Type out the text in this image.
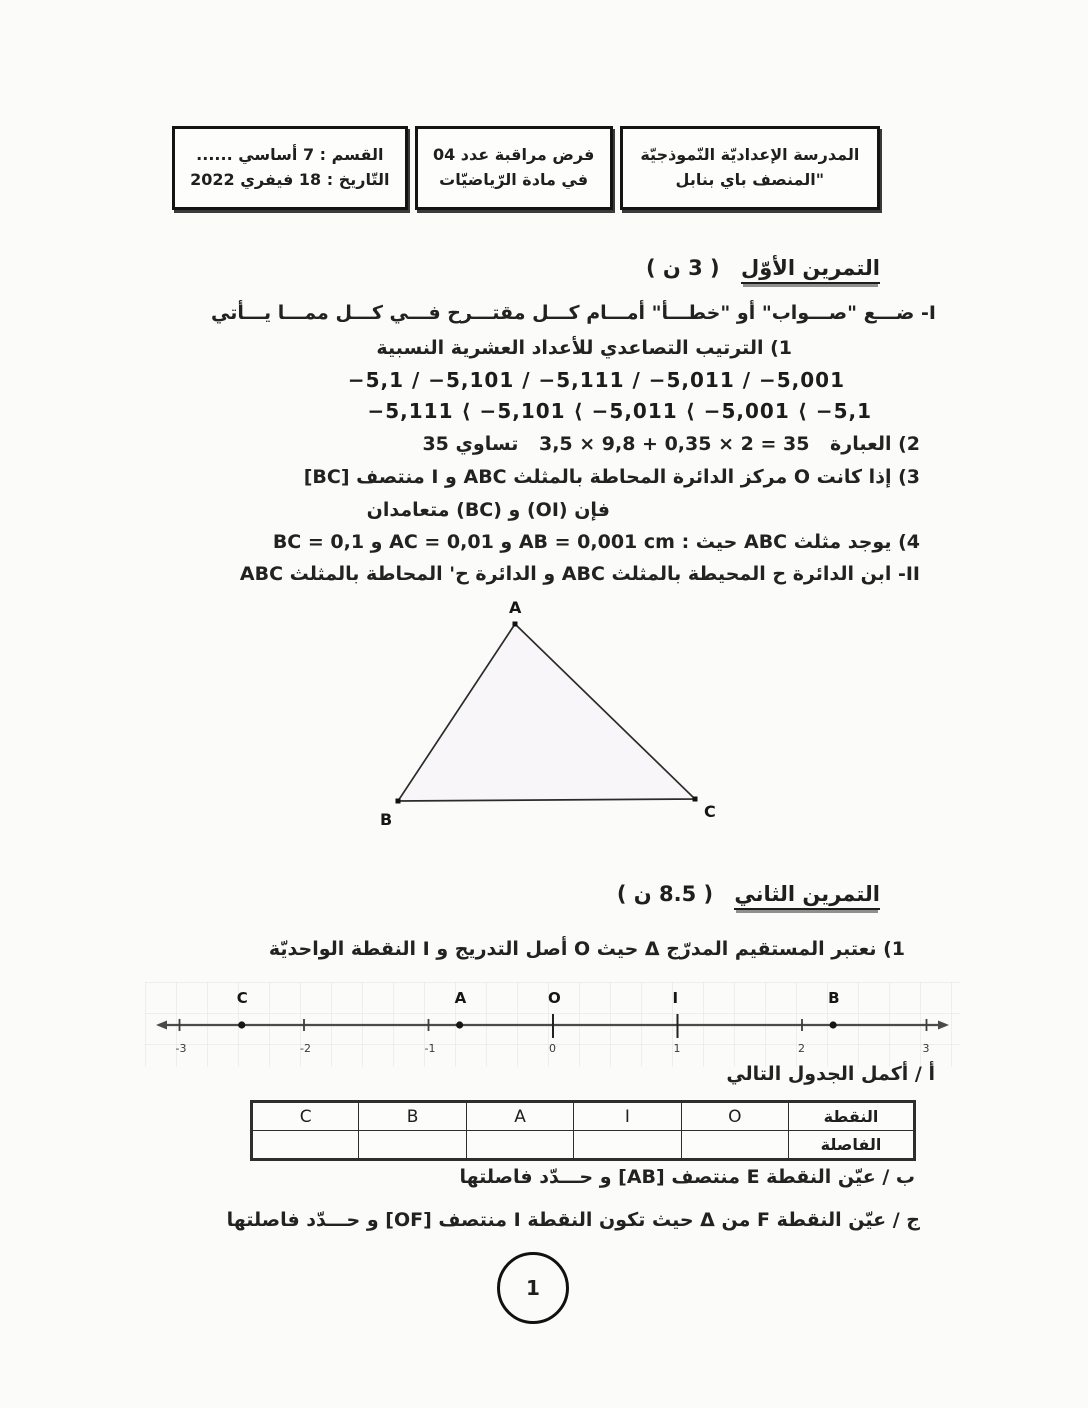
القسم : 7 أساسي ......
التّاريخ : 18 فيفري 2022
فرض مراقبة عدد 04
في مادة الرّياضيّات
المدرسة الإعداديّة النّموذجيّة
"المنصف باي بنابل
التمرين الأوّل ( 3 ن )
I- ضـــع "صـــواب" أو "خطـــأ" أمـــام كـــل مقتـــرح فـــي كـــل ممـــا يـــأتي
1) الترتيب التصاعدي للأعداد العشرية النسبية
−5,1 / −5,101 / −5,111 / −5,011 / −5,001
−5,111 ⟨ −5,101 ⟨ −5,011 ⟨ −5,001 ⟨ −5,1
2) العبارة 3,5 × 9,8 + 0,35 × 2 = 35 تساوي 35
3) إذا كانت O مركز الدائرة المحاطة بالمثلث ABC و I منتصف [BC]
فإن (OI) و (BC) متعامدان
4) يوجد مثلث ABC حيث : AB = 0,001 cm و AC = 0,01 و BC = 0,1
II- ابن الدائرة ح المحيطة بالمثلث ABC و الدائرة ح' المحاطة بالمثلث ABC
A
B	C
التمرين الثاني ( 8.5 ن )
1) نعتبر المستقيم المدرّج Δ حيث O أصل التدريج و I النقطة الواحديّة
-3	-2	-1	0	1	2	3
C	A	O	I	B
أ / أكمل الجدول التالي
النقطة	O	I	A	B	C
الفاصلة					
ب / عيّن النقطة E منتصف [AB] و حـــدّد فاصلتها
ج / عيّن النقطة F من Δ حيث تكون النقطة I منتصف [OF] و حـــدّد فاصلتها
1
